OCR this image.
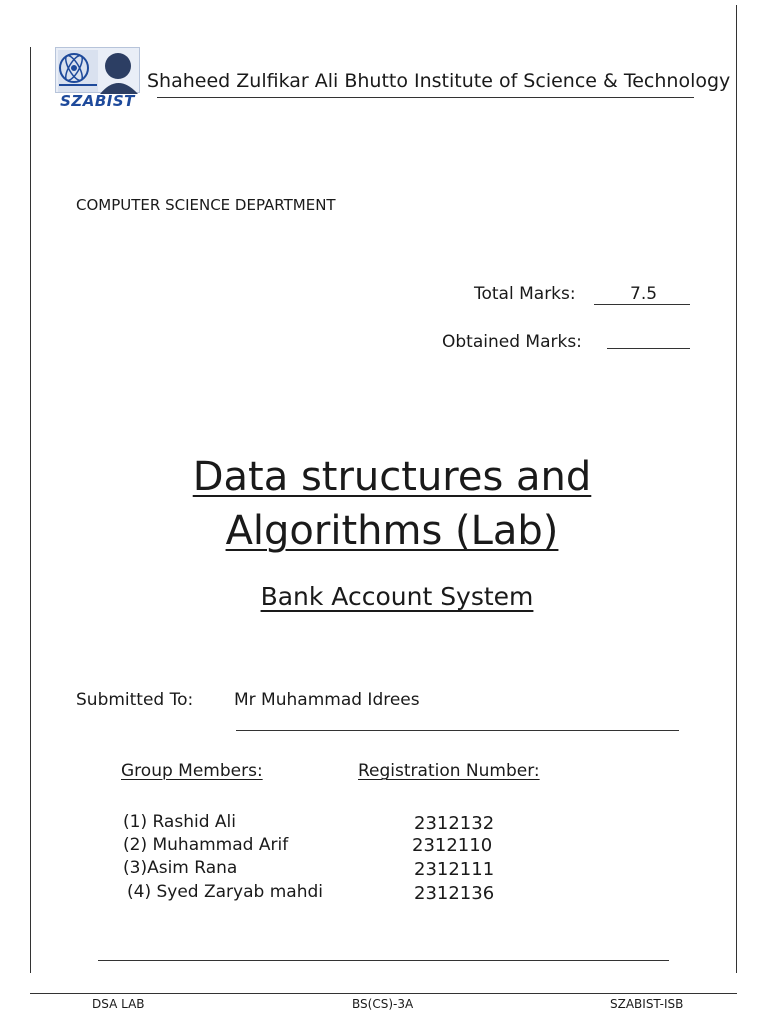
SZABIST
Shaheed Zulfikar Ali Bhutto Institute of Science & Technology
COMPUTER SCIENCE DEPARTMENT
Total Marks:	7.5
Obtained Marks:
Data structures and
Algorithms (Lab)
Bank Account System
Submitted To: Mr Muhammad Idrees
Group Members:	Registration Number:
(1) Rashid Ali	2312132
(2) Muhammad Arif	2312110
(3)Asim Rana	2312111
(4) Syed Zaryab mahdi	2312136
DSA LAB	BS(CS)-3A	SZABIST-ISB
